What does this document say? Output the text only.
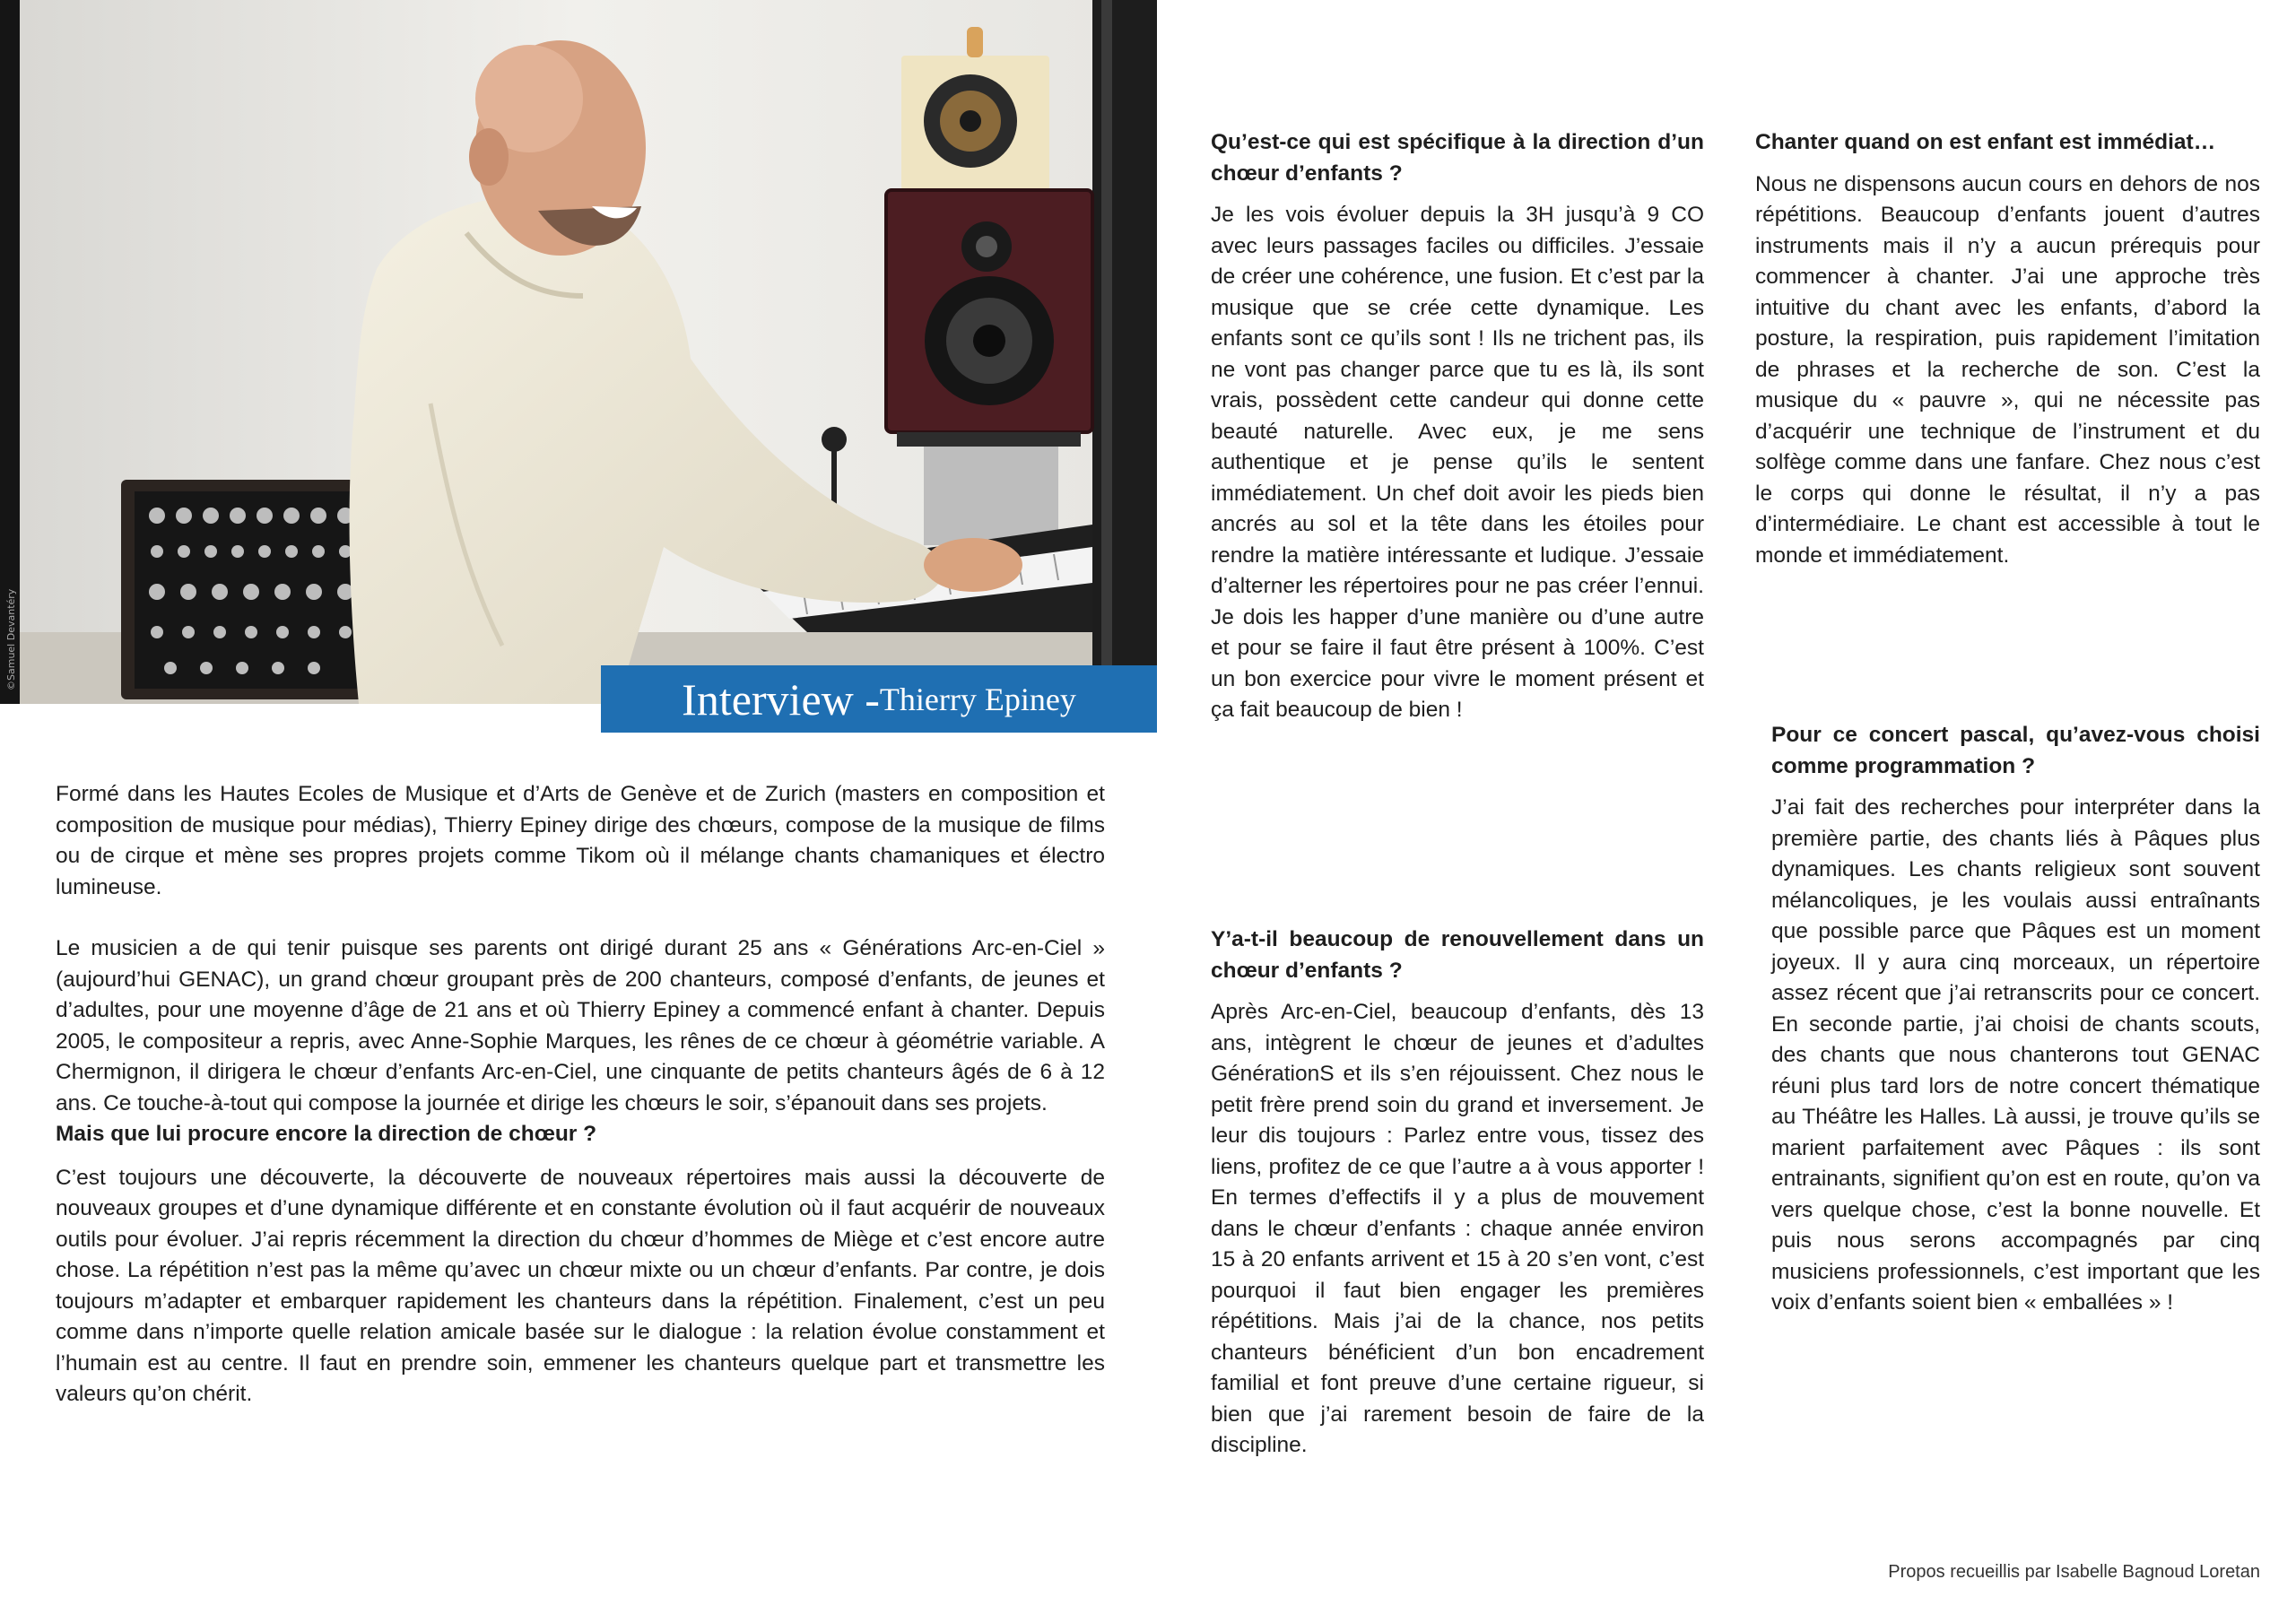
©Samuel Devantéry
Interview - Thierry Epiney

Formé dans les Hautes Ecoles de Musique et d’Arts de Genève et de Zurich (masters en composition et composition de musique pour médias), Thierry Epiney dirige des chœurs, compose de la musique de films ou de cirque et mène ses propres projets comme Tikom où il mélange chants chamaniques et électro lumineuse.

Le musicien a de qui tenir puisque ses parents ont dirigé durant 25 ans « Générations Arc-en-Ciel » (aujourd’hui GENAC), un grand chœur groupant près de 200 chanteurs, composé d’enfants, de jeunes et d’adultes, pour une moyenne d’âge de 21 ans et où Thierry Epiney a commencé enfant à chanter. Depuis 2005, le compositeur a repris, avec Anne-Sophie Marques, les rênes de ce chœur à géométrie variable. A Chermignon, il dirigera le chœur d’enfants Arc-en-Ciel, une cinquante de petits chanteurs âgés de 6 à 12 ans. Ce touche-à-tout qui compose la journée et dirige les chœurs le soir, s’épanouit dans ses projets.

Mais que lui procure encore la direction de chœur ?

C’est toujours une découverte, la découverte de nouveaux répertoires mais aussi la découverte de nouveaux groupes et d’une dynamique différente et en constante évolution où il faut acquérir de nouveaux outils pour évoluer. J’ai repris récemment la direction du chœur d’hommes de Miège et c’est encore autre chose. La répétition n’est pas la même qu’avec un chœur mixte ou un chœur d’enfants. Par contre, je dois toujours m’adapter et embarquer rapidement les chanteurs dans la répétition. Finalement, c’est un peu comme dans n’importe quelle relation amicale basée sur le dialogue : la relation évolue constamment et l’humain est au centre. Il faut en prendre soin, emmener les chanteurs quelque part et transmettre les valeurs qu’on chérit.

Qu’est-ce qui est spécifique à la direction d’un chœur d’enfants ?

Je les vois évoluer depuis la 3H jusqu’à 9 CO avec leurs passages faciles ou difficiles. J’essaie de créer une cohérence, une fusion. Et c’est par la musique que se crée cette dynamique. Les enfants sont ce qu’ils sont ! Ils ne trichent pas, ils ne vont pas changer parce que tu es là, ils sont vrais, possèdent cette candeur qui donne cette beauté naturelle. Avec eux, je me sens authentique et je pense qu’ils le sentent immédiatement. Un chef doit avoir les pieds bien ancrés au sol et la tête dans les étoiles pour rendre la matière intéressante et ludique. J’essaie d’alterner les répertoires pour ne pas créer l’ennui. Je dois les happer d’une manière ou d’une autre et pour se faire il faut être présent à 100%. C’est un bon exercice pour vivre le moment présent et ça fait beaucoup de bien !

Y’a-t-il beaucoup de renouvellement dans un chœur d’enfants ?

Après Arc-en-Ciel, beaucoup d’enfants, dès 13 ans, intègrent le chœur de jeunes et d’adultes GénérationS et ils s’en réjouissent. Chez nous le petit frère prend soin du grand et inversement. Je leur dis toujours : Parlez entre vous, tissez des liens, profitez de ce que l’autre a à vous apporter ! En termes d’effectifs il y a plus de mouvement dans le chœur d’enfants : chaque année environ 15 à 20 enfants arrivent et 15 à 20 s’en vont, c’est pourquoi il faut bien engager les premières répétitions. Mais j’ai de la chance, nos petits chanteurs bénéficient d’un bon encadrement familial et font preuve d’une certaine rigueur, si bien que j’ai rarement besoin de faire de la discipline.

Chanter quand on est enfant est immédiat…

Nous ne dispensons aucun cours en dehors de nos répétitions. Beaucoup d’enfants jouent d’autres instruments mais il n’y a aucun prérequis pour commencer à chanter. J’ai une approche très intuitive du chant avec les enfants, d’abord la posture, la respiration, puis rapidement l’imitation de phrases et la recherche de son. C’est la musique du « pauvre », qui ne nécessite pas d’acquérir une technique de l’instrument et du solfège comme dans une fanfare. Chez nous c’est le corps qui donne le résultat, il n’y a pas d’intermédiaire. Le chant est accessible à tout le monde et immédiatement.

Pour ce concert pascal, qu’avez-vous choisi comme programmation ?

J’ai fait des recherches pour interpréter dans la première partie, des chants liés à Pâques plus dynamiques. Les chants religieux sont souvent mélancoliques, je les voulais aussi entraînants que possible parce que Pâques est un moment joyeux. Il y aura cinq morceaux, un répertoire assez récent que j’ai retranscrits pour ce concert. En seconde partie, j’ai choisi de chants scouts, des chants que nous chanterons tout GENAC réuni plus tard lors de notre concert thématique au Théâtre les Halles. Là aussi, je trouve qu’ils se marient parfaitement avec Pâques : ils sont entrainants, signifient qu’on est en route, qu’on va vers quelque chose, c’est la bonne nouvelle. Et puis nous serons accompagnés par cinq musiciens professionnels, c’est important que les voix d’enfants soient bien « emballées » !

Propos recueillis par Isabelle Bagnoud Loretan
